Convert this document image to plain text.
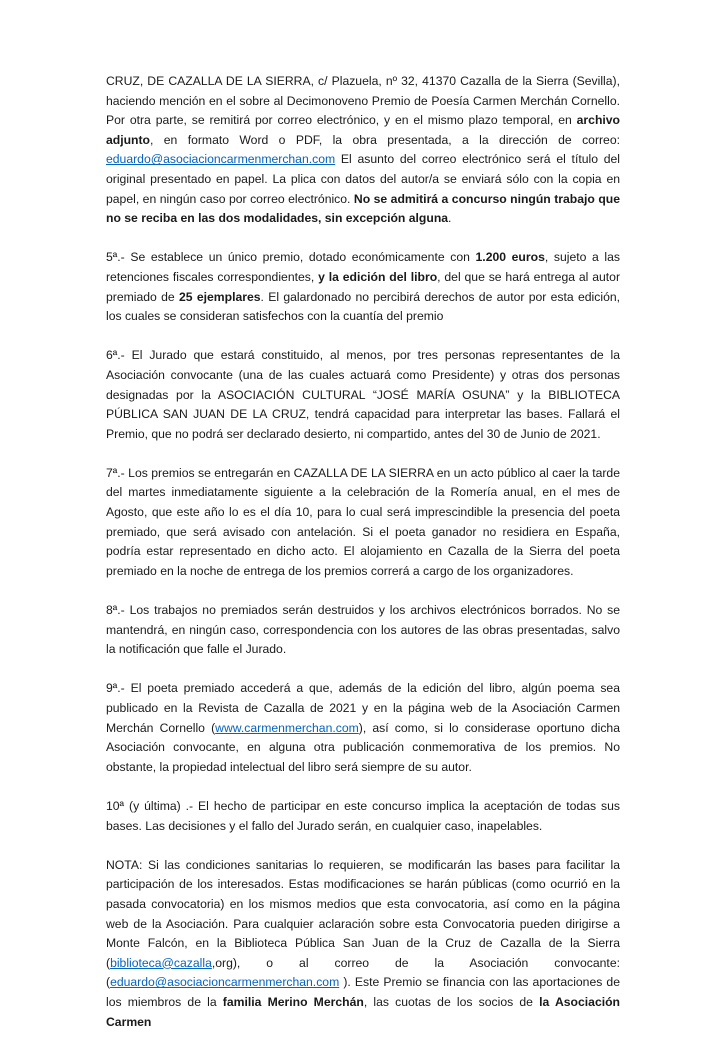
CRUZ, DE CAZALLA DE LA SIERRA, c/ Plazuela, nº 32, 41370 Cazalla de la Sierra (Sevilla), haciendo mención en el sobre al Decimonoveno Premio de Poesía Carmen Merchán Cornello. Por otra parte, se remitirá por correo electrónico, y en el mismo plazo temporal, en archivo adjunto, en formato Word o PDF, la obra presentada, a la dirección de correo: eduardo@asociacioncarmenmerchan.com El asunto del correo electrónico será el título del original presentado en papel. La plica con datos del autor/a se enviará sólo con la copia en papel, en ningún caso por correo electrónico. No se admitirá a concurso ningún trabajo que no se reciba en las dos modalidades, sin excepción alguna.

5ª.- Se establece un único premio, dotado económicamente con 1.200 euros, sujeto a las retenciones fiscales correspondientes, y la edición del libro, del que se hará entrega al autor premiado de 25 ejemplares. El galardonado no percibirá derechos de autor por esta edición, los cuales se consideran satisfechos con la cuantía del premio

6ª.- El Jurado que estará constituido, al menos, por tres personas representantes de la Asociación convocante (una de las cuales actuará como Presidente) y otras dos personas designadas por la ASOCIACIÓN CULTURAL “JOSÉ MARÍA OSUNA” y la BIBLIOTECA PÚBLICA SAN JUAN DE LA CRUZ, tendrá capacidad para interpretar las bases. Fallará el Premio, que no podrá ser declarado desierto, ni compartido, antes del 30 de Junio de 2021.

7ª.- Los premios se entregarán en CAZALLA DE LA SIERRA en un acto público al caer la tarde del martes inmediatamente siguiente a la celebración de la Romería anual, en el mes de Agosto, que este año lo es el día 10, para lo cual será imprescindible la presencia del poeta premiado, que será avisado con antelación. Si el poeta ganador no residiera en España, podría estar representado en dicho acto. El alojamiento en Cazalla de la Sierra del poeta premiado en la noche de entrega de los premios correrá a cargo de los organizadores.

8ª.- Los trabajos no premiados serán destruidos y los archivos electrónicos borrados. No se mantendrá, en ningún caso, correspondencia con los autores de las obras presentadas, salvo la notificación que falle el Jurado.

9ª.- El poeta premiado accederá a que, además de la edición del libro, algún poema sea publicado en la Revista de Cazalla de 2021 y en la página web de la Asociación Carmen Merchán Cornello (www.carmenmerchan.com), así como, si lo considerase oportuno dicha Asociación convocante, en alguna otra publicación conmemorativa de los premios. No obstante, la propiedad intelectual del libro será siempre de su autor.

10ª (y última) .- El hecho de participar en este concurso implica la aceptación de todas sus bases. Las decisiones y el fallo del Jurado serán, en cualquier caso, inapelables.

NOTA: Si las condiciones sanitarias lo requieren, se modificarán las bases para facilitar la participación de los interesados. Estas modificaciones se harán públicas (como ocurrió en la pasada convocatoria) en los mismos medios que esta convocatoria, así como en la página web de la Asociación. Para cualquier aclaración sobre esta Convocatoria pueden dirigirse a Monte Falcón, en la Biblioteca Pública San Juan de la Cruz de Cazalla de la Sierra (biblioteca@cazalla,org), o al correo de la Asociación convocante: (eduardo@asociacioncarmenmerchan.com ). Este Premio se financia con las aportaciones de los miembros de la familia Merino Merchán, las cuotas de los socios de la Asociación Carmen
